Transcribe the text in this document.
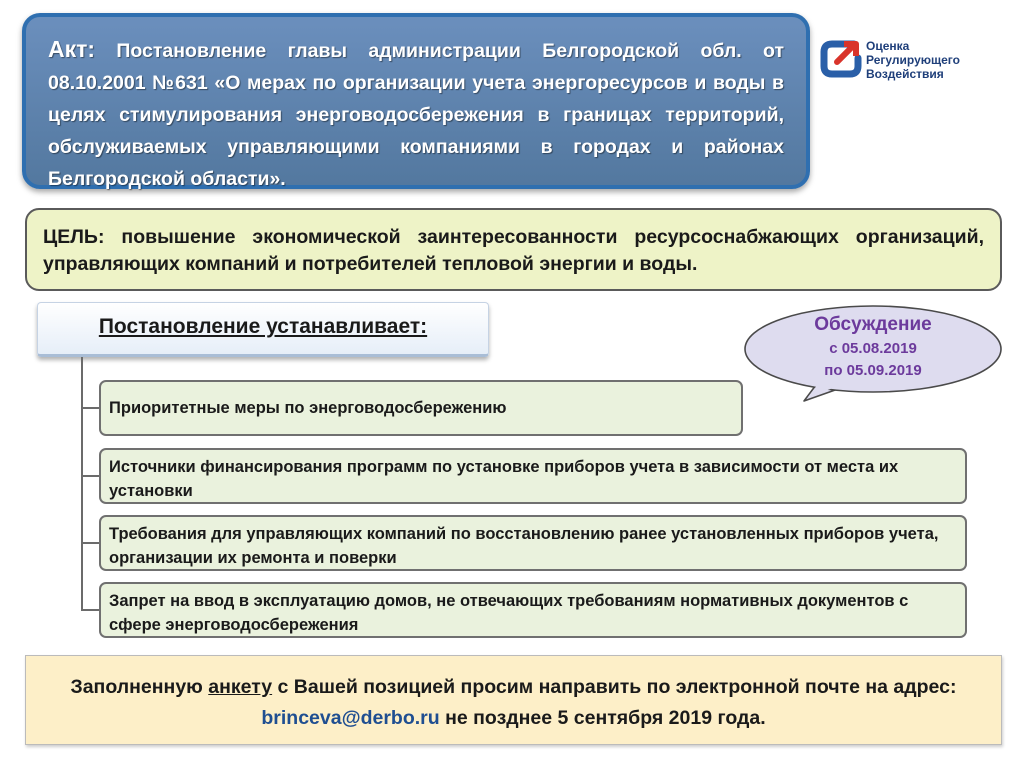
Акт: Постановление главы администрации Белгородской обл. от 08.10.2001 №631 «О мерах по организации учета энергоресурсов и воды в целях стимулирования энерговодосбережения в границах территорий, обслуживаемых управляющими компаниями в городах и районах Белгородской области».
Оценка
Регулирующего
Воздействия
ЦЕЛЬ: повышение экономической заинтересованности ресурсоснабжающих организаций, управляющих компаний и потребителей тепловой энергии и воды.
Постановление устанавливает:
Приоритетные меры по энерговодосбережению
Источники финансирования программ по установке приборов учета в зависимости от места их установки
Требования для управляющих компаний по восстановлению ранее установленных приборов учета, организации их ремонта и поверки
Запрет на ввод в эксплуатацию домов, не отвечающих требованиям нормативных документов с сфере энерговодосбережения
Обсуждение
с 05.08.2019
по 05.09.2019
Заполненную анкету с Вашей позицией просим направить по электронной почте на адрес: brinceva@derbo.ru не позднее 5 сентября 2019 года.
